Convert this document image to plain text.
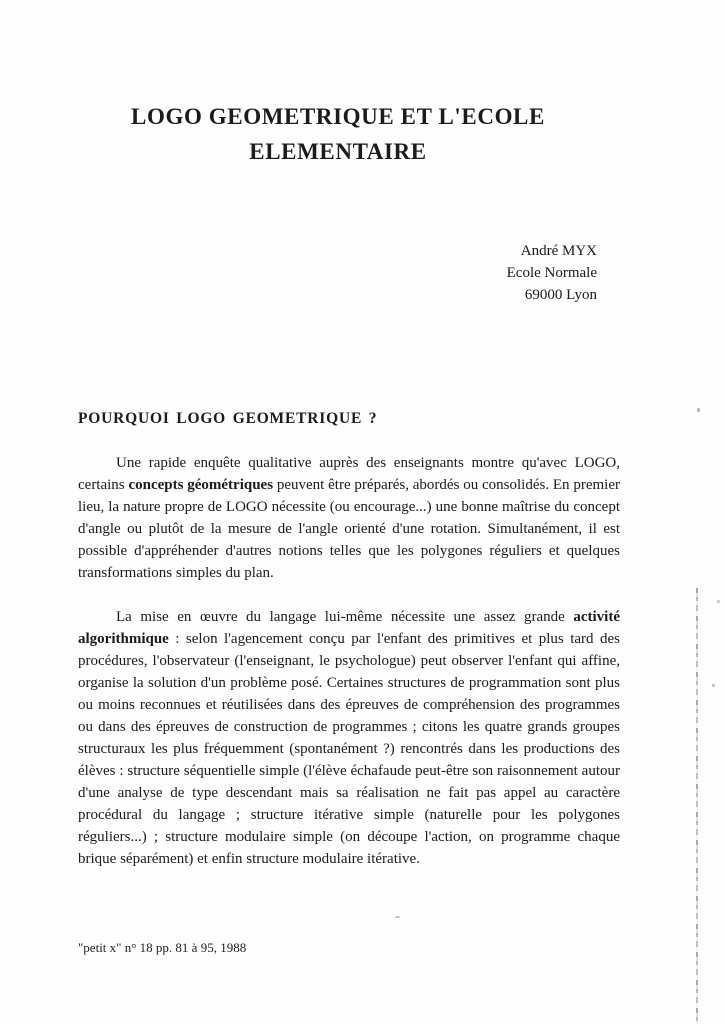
LOGO GEOMETRIQUE ET L'ECOLE
ELEMENTAIRE
André MYX
Ecole Normale
69000 Lyon
POURQUOI LOGO GEOMETRIQUE ?

Une rapide enquête qualitative auprès des enseignants montre qu'avec LOGO, certains concepts géométriques peuvent être préparés, abordés ou consolidés. En premier lieu, la nature propre de LOGO nécessite (ou encourage...) une bonne maîtrise du concept d'angle ou plutôt de la mesure de l'angle orienté d'une rotation. Simultanément, il est possible d'appréhender d'autres notions telles que les polygones réguliers et quelques transformations simples du plan.

La mise en œuvre du langage lui-même nécessite une assez grande activité algorithmique : selon l'agencement conçu par l'enfant des primitives et plus tard des procédures, l'observateur (l'enseignant, le psychologue) peut observer l'enfant qui affine, organise la solution d'un problème posé. Certaines structures de programmation sont plus ou moins reconnues et réutilisées dans des épreuves de compréhension des programmes ou dans des épreuves de construction de programmes ; citons les quatre grands groupes structuraux les plus fréquemment (spontanément ?) rencontrés dans les productions des élèves : structure séquentielle simple (l'élève échafaude peut-être son raisonnement autour d'une analyse de type descendant mais sa réalisation ne fait pas appel au caractère procédural du langage ; structure itérative simple (naturelle pour les polygones réguliers...) ; structure modulaire simple (on découpe l'action, on programme chaque brique séparément) et enfin structure modulaire itérative.

"petit x" n° 18 pp. 81 à 95, 1988
